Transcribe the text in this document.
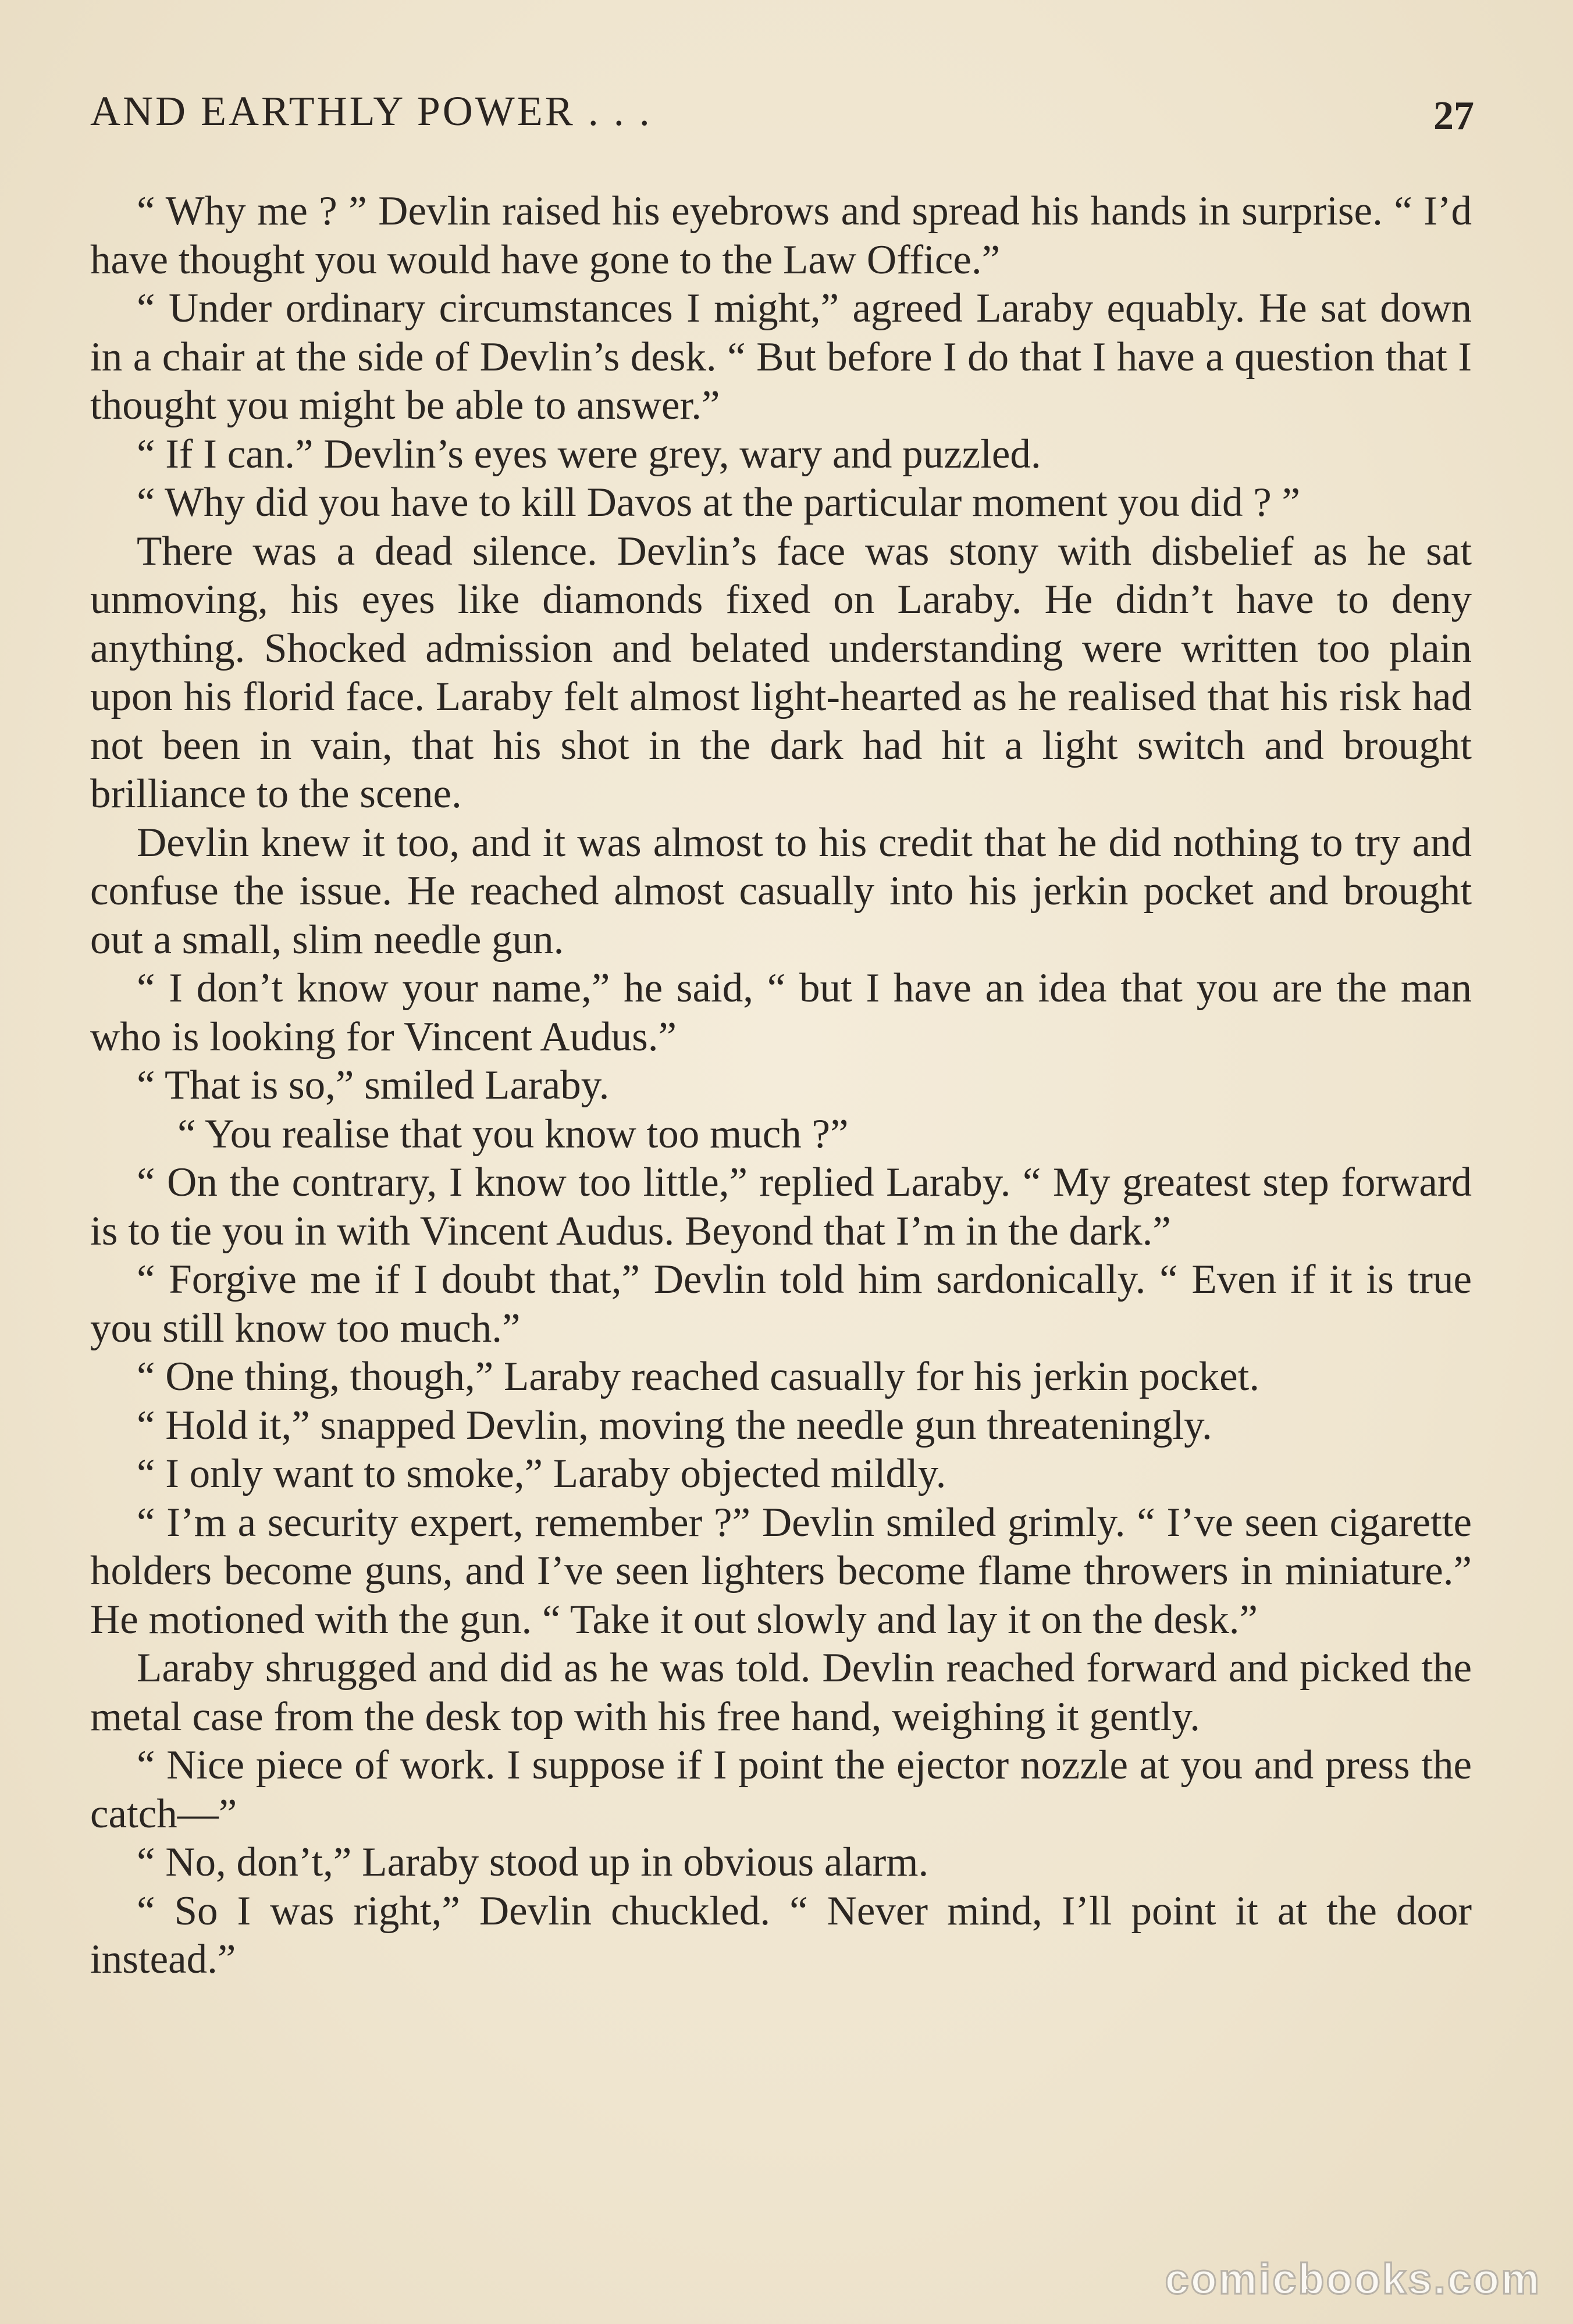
AND EARTHLY POWER . . .	27

“ Why me ? ” Devlin raised his eyebrows and spread his hands in surprise. “ I’d have thought you would have gone to the Law Office.”

“ Under ordinary circumstances I might,” agreed Laraby equably. He sat down in a chair at the side of Devlin’s desk. “ But before I do that I have a question that I thought you might be able to answer.”

“ If I can.” Devlin’s eyes were grey, wary and puzzled.

“ Why did you have to kill Davos at the particular moment you did ? ”

There was a dead silence. Devlin’s face was stony with disbelief as he sat unmoving, his eyes like diamonds fixed on Laraby. He didn’t have to deny anything. Shocked admission and belated understanding were written too plain upon his florid face. Laraby felt almost light-hearted as he realised that his risk had not been in vain, that his shot in the dark had hit a light switch and brought brilliance to the scene.

Devlin knew it too, and it was almost to his credit that he did nothing to try and confuse the issue. He reached almost casually into his jerkin pocket and brought out a small, slim needle gun.

“ I don’t know your name,” he said, “ but I have an idea that you are the man who is looking for Vincent Audus.”

“ That is so,” smiled Laraby.

“ You realise that you know too much ?”

“ On the contrary, I know too little,” replied Laraby. “ My greatest step forward is to tie you in with Vincent Audus. Beyond that I’m in the dark.”

“ Forgive me if I doubt that,” Devlin told him sardonically. “ Even if it is true you still know too much.”

“ One thing, though,” Laraby reached casually for his jerkin pocket.

“ Hold it,” snapped Devlin, moving the needle gun threateningly.

“ I only want to smoke,” Laraby objected mildly.

“ I’m a security expert, remember ?” Devlin smiled grimly. “ I’ve seen cigarette holders become guns, and I’ve seen lighters become flame throwers in miniature.” He motioned with the gun. “ Take it out slowly and lay it on the desk.”

Laraby shrugged and did as he was told. Devlin reached forward and picked the metal case from the desk top with his free hand, weighing it gently.

“ Nice piece of work. I suppose if I point the ejector nozzle at you and press the catch—”

“ No, don’t,” Laraby stood up in obvious alarm.

“ So I was right,” Devlin chuckled. “ Never mind, I’ll point it at the door instead.”

comicbooks.com
